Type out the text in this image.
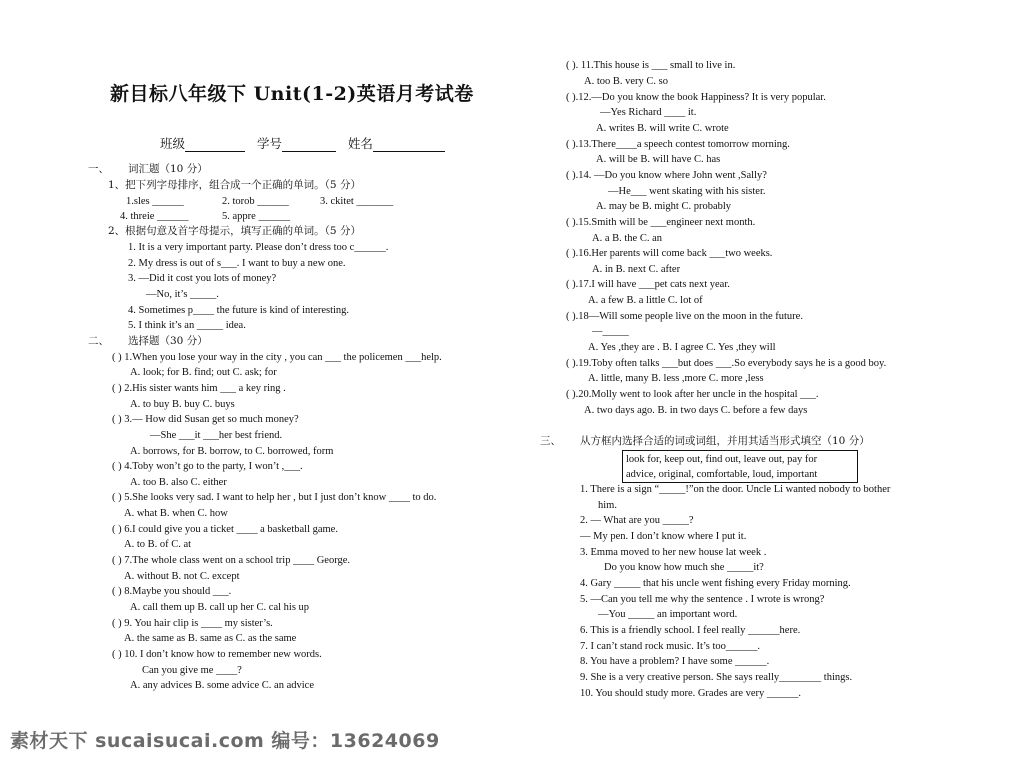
新目标八年级下 Unit(1-2)英语月考试卷
班级	学号	姓名
一、 词汇题（10 分）
1、把下列字母排序，组合成一个正确的单词。（5 分）
1.sles ______	2. torob ______	3. ckitet _______
4. threie ______	5. appre ______
2、根据句意及首字母提示，填写正确的单词。（5 分）
1. It is a very important party. Please don’t dress too c______.
2. My dress is out of s___. I want to buy a new one.
3. —Did it cost you lots of money?
—No, it’s _____.
4. Sometimes p____ the future is kind of interesting.
5. I think it’s an _____ idea.
二、 选择题（30 分）
( ) 1.When you lose your way in the city , you can ___ the policemen ___help.
A. look; for B. find; out C. ask; for
( ) 2.His sister wants him ___ a key ring .
A. to buy B. buy C. buys
( ) 3.— How did Susan get so much money?
—She ___it ___her best friend.
A. borrows, for B. borrow, to C. borrowed, form
( ) 4.Toby won’t go to the party, I won’t ,___.
A. too B. also C. either
( ) 5.She looks very sad. I want to help her , but I just don’t know ____ to do.
A. what B. when C. how
( ) 6.I could give you a ticket ____ a basketball game.
A. to B. of C. at
( ) 7.The whole class went on a school trip ____ George.
A. without B. not C. except
( ) 8.Maybe you should ___.
A. call them up B. call up her C. cal his up
( ) 9. You hair clip is ____ my sister’s.
A. the same as B. same as C. as the same
( ) 10. I don’t know how to remember new words.
Can you give me ____?
A. any advices B. some advice C. an advice
( ). 11.This house is ___ small to live in.
A. too B. very C. so
( ).12.—Do you know the book Happiness? It is very popular.
—Yes Richard ____ it.
A. writes B. will write C. wrote
( ).13.There____a speech contest tomorrow morning.
A. will be B. will have C. has
( ).14. —Do you know where John went ,Sally?
—He___ went skating with his sister.
A. may be B. might C. probably
( ).15.Smith will be ___engineer next month.
A. a B. the C. an
( ).16.Her parents will come back ___two weeks.
A. in B. next C. after
( ).17.I will have ___pet cats next year.
A. a few B. a little C. lot of
( ).18—Will some people live on the moon in the future.
—_____
A. Yes ,they are . B. I agree C. Yes ,they will
( ).19.Toby often talks ___but does ___.So everybody says he is a good boy.
A. little, many B. less ,more C. more ,less
( ).20.Molly went to look after her uncle in the hospital ___.
A. two days ago. B. in two days C. before a few days
三、 从方框内选择合适的词或词组，并用其适当形式填空（10 分）
look for, keep out, find out, leave out, pay for
advice, original, comfortable, loud, important
1. There is a sign “_____!”on the door. Uncle Li wanted nobody to bother
him.
2. — What are you _____?
— My pen. I don’t know where I put it.
3. Emma moved to her new house lat week .
Do you know how much she _____it?
4. Gary _____ that his uncle went fishing every Friday morning.
5. —Can you tell me why the sentence . I wrote is wrong?
—You _____ an important word.
6. This is a friendly school. I feel really ______here.
7. I can’t stand rock music. It’s too______.
8. You have a problem? I have some ______.
9. She is a very creative person. She says really________ things.
10. You should study more. Grades are very ______.
素材天下 sucaisucai.com 编号：13624069
